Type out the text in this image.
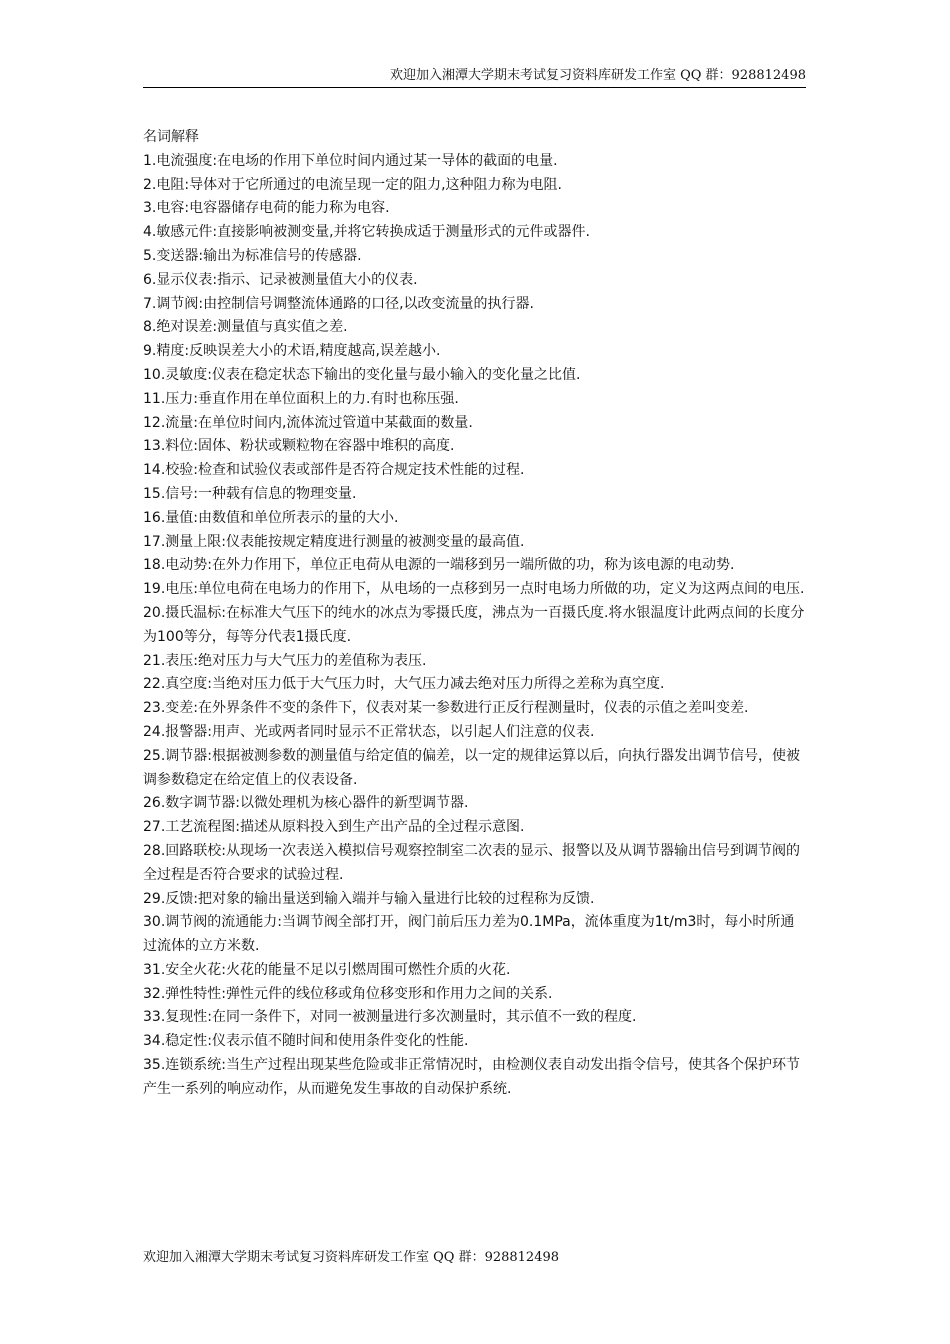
欢迎加入湘潭大学期末考试复习资料库研发工作室 QQ 群：928812498

名词解释

1.电流强度:在电场的作用下单位时间内通过某一导体的截面的电量.

2.电阻:导体对于它所通过的电流呈现一定的阻力,这种阻力称为电阻.

3.电容:电容器储存电荷的能力称为电容.

4.敏感元件:直接影响被测变量,并将它转换成适于测量形式的元件或器件.

5.变送器:输出为标准信号的传感器.

6.显示仪表:指示、记录被测量值大小的仪表.

7.调节阀:由控制信号调整流体通路的口径,以改变流量的执行器.

8.绝对误差:测量值与真实值之差.

9.精度:反映误差大小的术语,精度越高,误差越小.

10.灵敏度:仪表在稳定状态下输出的变化量与最小输入的变化量之比值.

11.压力:垂直作用在单位面积上的力.有时也称压强.

12.流量:在单位时间内,流体流过管道中某截面的数量.

13.料位:固体、粉状或颗粒物在容器中堆积的高度.

14.校验:检查和试验仪表或部件是否符合规定技术性能的过程.

15.信号:一种载有信息的物理变量.

16.量值:由数值和单位所表示的量的大小.

17.测量上限:仪表能按规定精度进行测量的被测变量的最高值.

18.电动势:在外力作用下，单位正电荷从电源的一端移到另一端所做的功，称为该电源的电动势.

19.电压:单位电荷在电场力的作用下，从电场的一点移到另一点时电场力所做的功，定义为这两点间的电压.

20.摄氏温标:在标准大气压下的纯水的冰点为零摄氏度，沸点为一百摄氏度.将水银温度计此两点间的长度分为100等分，每等分代表1摄氏度.

21.表压:绝对压力与大气压力的差值称为表压.

22.真空度:当绝对压力低于大气压力时，大气压力减去绝对压力所得之差称为真空度.

23.变差:在外界条件不变的条件下，仪表对某一参数进行正反行程测量时，仪表的示值之差叫变差.

24.报警器:用声、光或两者同时显示不正常状态，以引起人们注意的仪表.

25.调节器:根据被测参数的测量值与给定值的偏差，以一定的规律运算以后，向执行器发出调节信号，使被调参数稳定在给定值上的仪表设备.

26.数字调节器:以微处理机为核心器件的新型调节器.

27.工艺流程图:描述从原料投入到生产出产品的全过程示意图.

28.回路联校:从现场一次表送入模拟信号观察控制室二次表的显示、报警以及从调节器输出信号到调节阀的全过程是否符合要求的试验过程.

29.反馈:把对象的输出量送到输入端并与输入量进行比较的过程称为反馈.

30.调节阀的流通能力:当调节阀全部打开，阀门前后压力差为0.1MPa，流体重度为1t/m3时，每小时所通过流体的立方米数.

31.安全火花:火花的能量不足以引燃周围可燃性介质的火花.

32.弹性特性:弹性元件的线位移或角位移变形和作用力之间的关系.

33.复现性:在同一条件下，对同一被测量进行多次测量时，其示值不一致的程度.

34.稳定性:仪表示值不随时间和使用条件变化的性能.

35.连锁系统:当生产过程出现某些危险或非正常情况时，由检测仪表自动发出指令信号，使其各个保护环节产生一系列的响应动作，从而避免发生事故的自动保护系统.

欢迎加入湘潭大学期末考试复习资料库研发工作室 QQ 群：928812498
